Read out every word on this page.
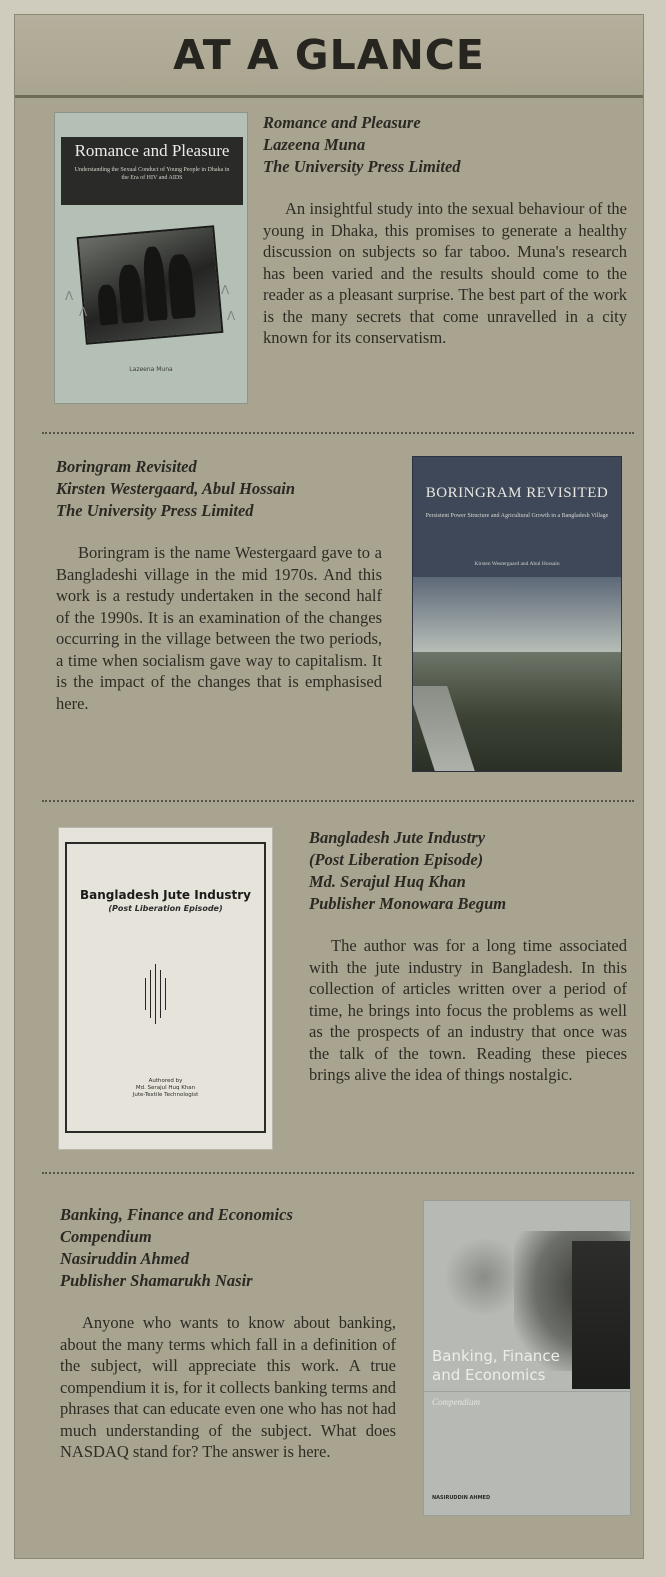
AT A GLANCE
Romance and Pleasure
Understanding the Sexual Conduct of Young People in Dhaka in the Era of HIV and AIDS
Λ
Λ
Λ
Λ
Lazeena Muna
Romance and Pleasure
Lazeena Muna
The University Press Limited
An insightful study into the sexual behaviour of the young in Dhaka, this promises to generate a healthy discussion on subjects so far taboo. Muna's research has been varied and the results should come to the reader as a pleasant surprise. The best part of the work is the many secrets that come unravelled in a city known for its conservatism.
Boringram Revisited
Kirsten Westergaard, Abul Hossain
The University Press Limited
Boringram is the name Westergaard gave to a Bangladeshi village in the mid 1970s. And this work is a restudy undertaken in the second half of the 1990s. It is an examination of the changes occurring in the village between the two periods, a time when socialism gave way to capitalism. It is the impact of the changes that is emphasised here.
BORINGRAM REVISITED
Persistent Power Structure and Agricultural Growth in a Bangladesh Village
Kirsten Westergaard and Abul Hossain
Bangladesh Jute Industry
(Post Liberation Episode)
Authored by
Md. Serajul Huq Khan
Jute-Textile Technologist
Bangladesh Jute Industry
(Post Liberation Episode)
Md. Serajul Huq Khan
Publisher Monowara Begum
The author was for a long time associated with the jute industry in Bangladesh. In this collection of articles written over a period of time, he brings into focus the problems as well as the prospects of an industry that once was the talk of the town. Reading these pieces brings alive the idea of things nostalgic.
Banking, Finance and Economics
Compendium
Nasiruddin Ahmed
Publisher Shamarukh Nasir
Anyone who wants to know about banking, about the many terms which fall in a definition of the subject, will appreciate this work. A true compendium it is, for it collects banking terms and phrases that can educate even one who has not had much understanding of the subject. What does NASDAQ stand for? The answer is here.
Banking, Finance
and Economics
Compendium
NASIRUDDIN AHMED
